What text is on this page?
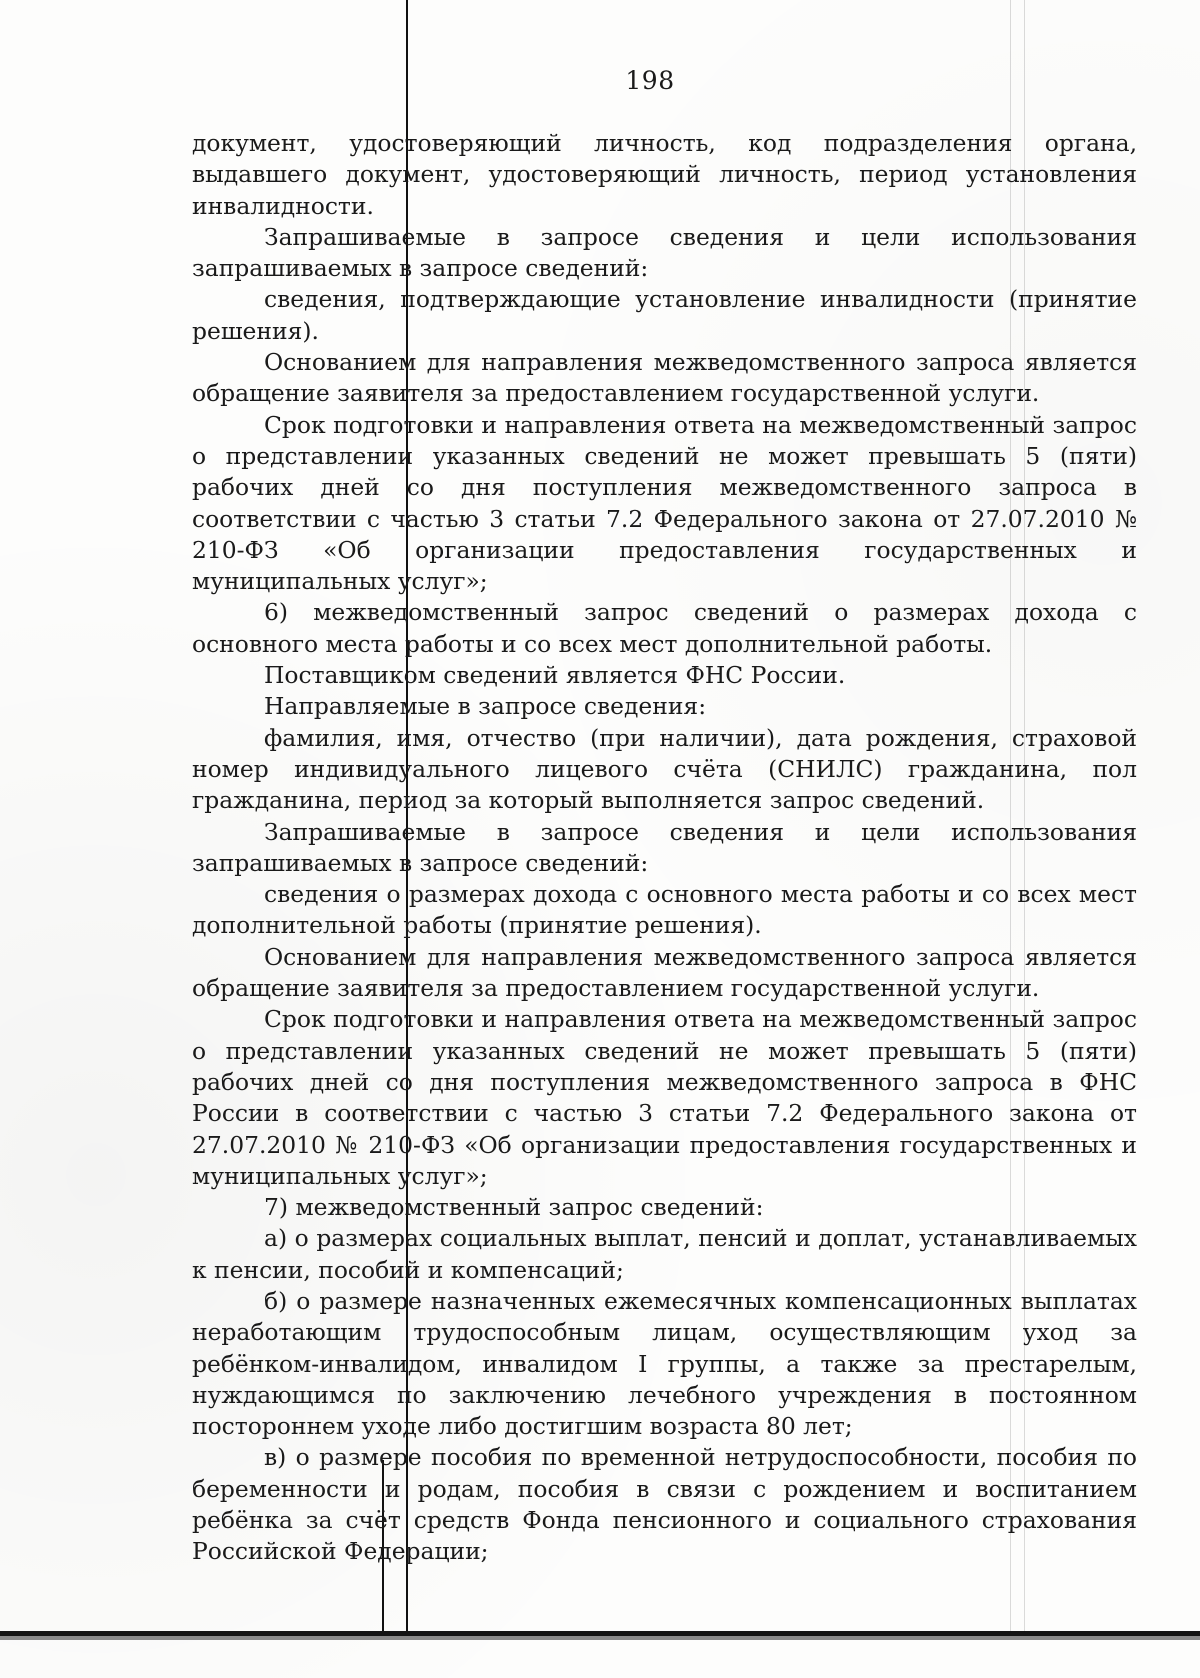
198

документ, удостоверяющий личность, код подразделения органа, выдавшего документ, удостоверяющий личность, период установления инвалидности.

Запрашиваемые в запросе сведения и цели использования запрашиваемых в запросе сведений:

сведения, подтверждающие установление инвалидности (принятие решения).

Основанием для направления межведомственного запроса является обращение заявителя за предоставлением государственной услуги.

Срок подготовки и направления ответа на межведомственный запрос о представлении указанных сведений не может превышать 5 (пяти) рабочих дней со дня поступления межведомственного запроса в соответствии с частью 3 статьи 7.2 Федерального закона от 27.07.2010 № 210-ФЗ «Об организации предоставления государственных и муниципальных услуг»;

6) межведомственный запрос сведений о размерах дохода с основного места работы и со всех мест дополнительной работы.

Поставщиком сведений является ФНС России.

Направляемые в запросе сведения:

фамилия, имя, отчество (при наличии), дата рождения, страховой номер индивидуального лицевого счёта (СНИЛС) гражданина, пол гражданина, период за который выполняется запрос сведений.

Запрашиваемые в запросе сведения и цели использования запрашиваемых в запросе сведений:

сведения о размерах дохода с основного места работы и со всех мест дополнительной работы (принятие решения).

Основанием для направления межведомственного запроса является обращение заявителя за предоставлением государственной услуги.

Срок подготовки и направления ответа на межведомственный запрос о представлении указанных сведений не может превышать 5 (пяти) рабочих дней со дня поступления межведомственного запроса в ФНС России в соответствии с частью 3 статьи 7.2 Федерального закона от 27.07.2010 № 210-ФЗ «Об организации предоставления государственных и муниципальных услуг»;

7) межведомственный запрос сведений:

а) о размерах социальных выплат, пенсий и доплат, устанавливаемых к пенсии, пособий и компенсаций;

б) о размере назначенных ежемесячных компенсационных выплатах неработающим трудоспособным лицам, осуществляющим уход за ребёнком-инвалидом, инвалидом I группы, а также за престарелым, нуждающимся по заключению лечебного учреждения в постоянном постороннем уходе либо достигшим возраста 80 лет;

в) о размере пособия по временной нетрудоспособности, пособия по беременности и родам, пособия в связи с рождением и воспитанием ребёнка за счёт средств Фонда пенсионного и социального страхования Российской Федерации;
